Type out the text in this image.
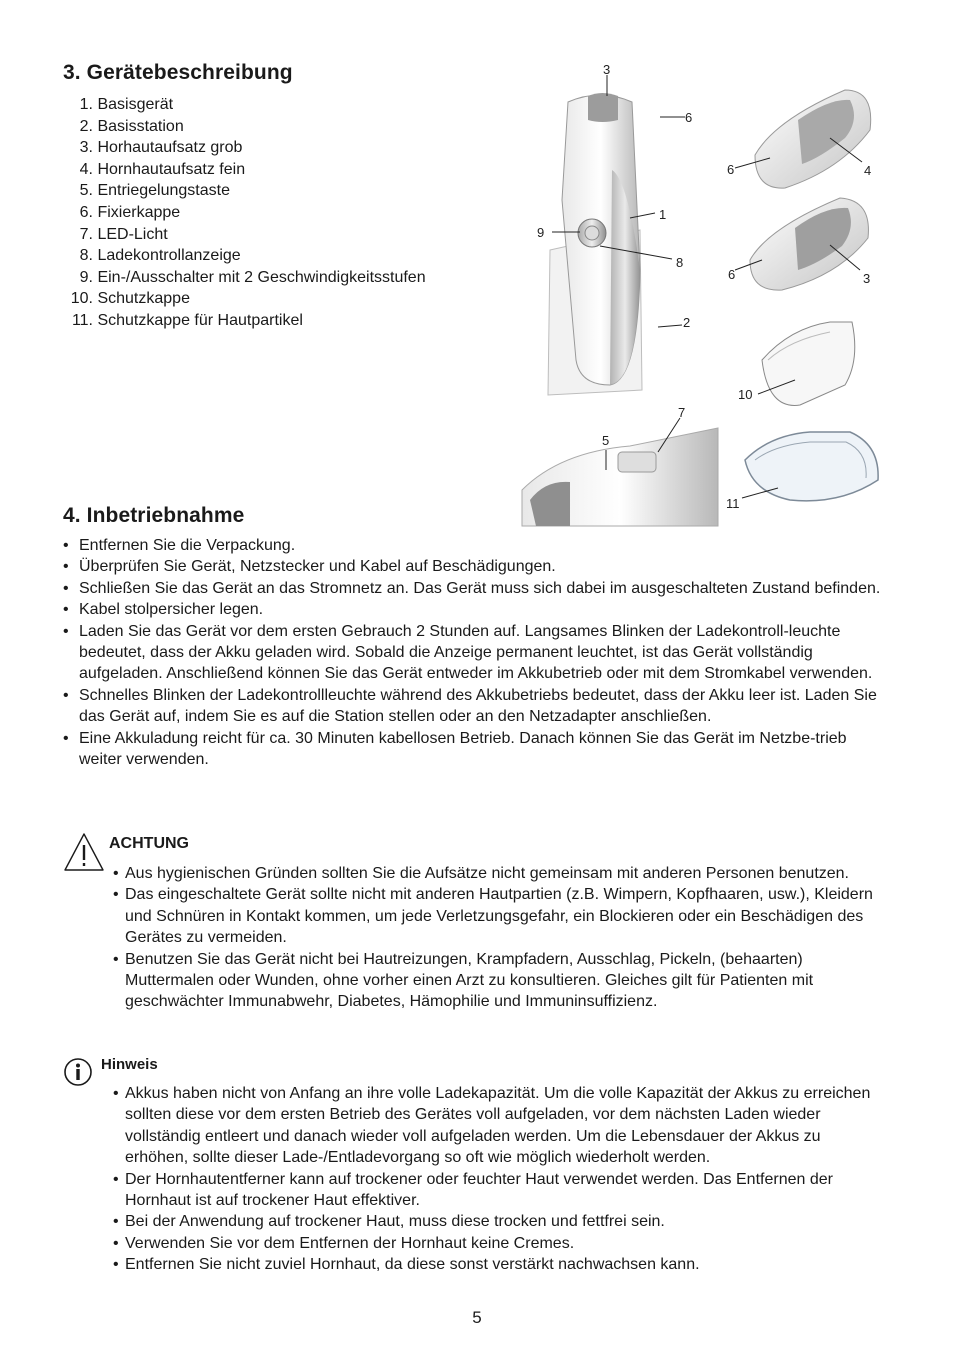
3. Gerätebeschreibung
1. Basisgerät
2. Basisstation
3. Horhautaufsatz grob
4. Hornhautaufsatz fein
5. Entriegelungstaste
6. Fixierkappe
7. LED-Licht
8. Ladekontrollanzeige
9. Ein-/Ausschalter mit 2 Geschwindigkeitsstufen
10. Schutzkappe
11. Schutzkappe für Hautpartikel
3
6
1
9
8
2
6	4
6	3
10
7
5
11
4. Inbetriebnahme
• Entfernen Sie die Verpackung.
• Überprüfen Sie Gerät, Netzstecker und Kabel auf Beschädigungen.
• Schließen Sie das Gerät an das Stromnetz an. Das Gerät muss sich dabei im ausgeschalteten Zustand befinden.
• Kabel stolpersicher legen.
• Laden Sie das Gerät vor dem ersten Gebrauch 2 Stunden auf. Langsames Blinken der Ladekontroll-leuchte bedeutet, dass der Akku geladen wird. Sobald die Anzeige permanent leuchtet, ist das Gerät vollständig aufgeladen. Anschließend können Sie das Gerät entweder im Akkubetrieb oder mit dem Stromkabel verwenden.
• Schnelles Blinken der Ladekontrollleuchte während des Akkubetriebs bedeutet, dass der Akku leer ist. Laden Sie das Gerät auf, indem Sie es auf die Station stellen oder an den Netzadapter anschließen.
• Eine Akkuladung reicht für ca. 30 Minuten kabellosen Betrieb. Danach können Sie das Gerät im Netzbe-trieb weiter verwenden.
ACHTUNG
• Aus hygienischen Gründen sollten Sie die Aufsätze nicht gemeinsam mit anderen Personen benutzen.
• Das eingeschaltete Gerät sollte nicht mit anderen Hautpartien (z.B. Wimpern, Kopfhaaren, usw.), Kleidern und Schnüren in Kontakt kommen, um jede Verletzungsgefahr, ein Blockieren oder ein Beschädigen des Gerätes zu vermeiden.
• Benutzen Sie das Gerät nicht bei Hautreizungen, Krampfadern, Ausschlag, Pickeln, (behaarten) Muttermalen oder Wunden, ohne vorher einen Arzt zu konsultieren. Gleiches gilt für Patienten mit geschwächter Immunabwehr, Diabetes, Hämophilie und Immuninsuffizienz.
Hinweis
• Akkus haben nicht von Anfang an ihre volle Ladekapazität. Um die volle Kapazität der Akkus zu erreichen sollten diese vor dem ersten Betrieb des Gerätes voll aufgeladen, vor dem nächsten Laden wieder vollständig entleert und danach wieder voll aufgeladen werden. Um die Lebensdauer der Akkus zu erhöhen, sollte dieser Lade-/Entladevorgang so oft wie möglich wiederholt werden.
• Der Hornhautentferner kann auf trockener oder feuchter Haut verwendet werden. Das Entfernen der Hornhaut ist auf trockener Haut effektiver.
• Bei der Anwendung auf trockener Haut, muss diese trocken und fettfrei sein.
• Verwenden Sie vor dem Entfernen der Hornhaut keine Cremes.
• Entfernen Sie nicht zuviel Hornhaut, da diese sonst verstärkt nachwachsen kann.
5
